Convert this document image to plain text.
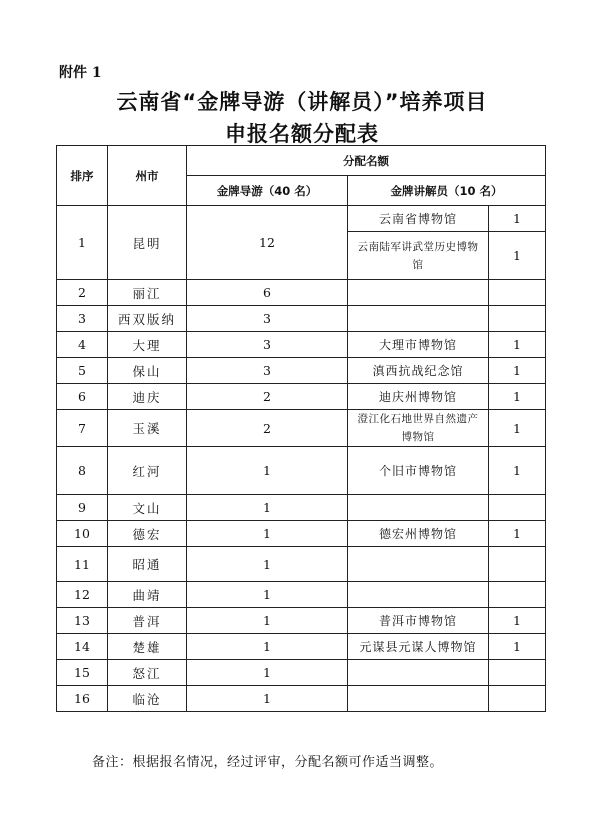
附件 1
云南省“金牌导游（讲解员）”培养项目
申报名额分配表
排序	州市	分配名额		
		金牌导游（40 名）	金牌讲解员（10 名）	
1	昆明	12	云南省博物馆	1
			云南陆军讲武堂历史博物馆	1
2	丽江	6		
3	西双版纳	3		
4	大理	3	大理市博物馆	1
5	保山	3	滇西抗战纪念馆	1
6	迪庆	2	迪庆州博物馆	1
7	玉溪	2	澄江化石地世界自然遗产博物馆	1
8	红河	1	个旧市博物馆	1
9	文山	1		
10	德宏	1	德宏州博物馆	1
11	昭通	1		
12	曲靖	1		
13	普洱	1	普洱市博物馆	1
14	楚雄	1	元谋县元谋人博物馆	1
15	怒江	1		
16	临沧	1		
备注：根据报名情况，经过评审，分配名额可作适当调整。
